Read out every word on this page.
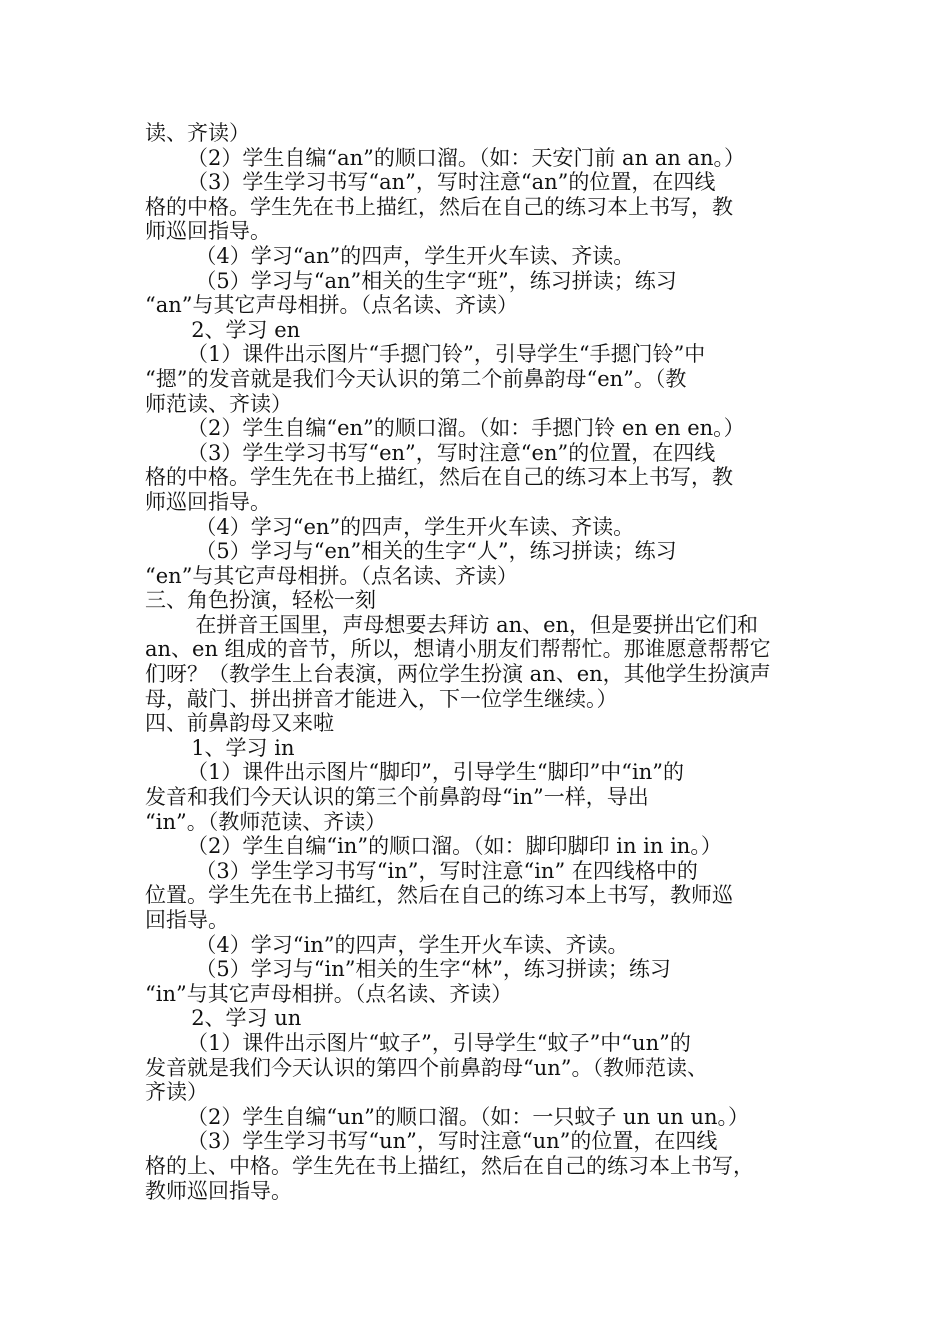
读、齐读）
（2）学生自编“an”的顺口溜。（如：天安门前 an an an。）
（3）学生学习书写“an”，写时注意“an”的位置，在四线
格的中格。学生先在书上描红，然后在自己的练习本上书写，教
师巡回指导。
（4）学习“an”的四声，学生开火车读、齐读。
（5）学习与“an”相关的生字“班”，练习拼读；练习
“an”与其它声母相拼。（点名读、齐读）
2、学习 en
（1）课件出示图片“手摁门铃”，引导学生“手摁门铃”中
“摁”的发音就是我们今天认识的第二个前鼻韵母“en”。（教
师范读、齐读）
（2）学生自编“en”的顺口溜。（如：手摁门铃 en en en。）
（3）学生学习书写“en”，写时注意“en”的位置，在四线
格的中格。学生先在书上描红，然后在自己的练习本上书写，教
师巡回指导。
（4）学习“en”的四声，学生开火车读、齐读。
（5）学习与“en”相关的生字“人”，练习拼读；练习
“en”与其它声母相拼。（点名读、齐读）
三、角色扮演，轻松一刻
在拼音王国里，声母想要去拜访 an、en，但是要拼出它们和
an、en 组成的音节，所以，想请小朋友们帮帮忙。那谁愿意帮帮它
们呀？（教学生上台表演，两位学生扮演 an、en，其他学生扮演声
母，敲门、拼出拼音才能进入，下一位学生继续。）
四、前鼻韵母又来啦
1、学习 in
（1）课件出示图片“脚印”，引导学生“脚印”中“in”的
发音和我们今天认识的第三个前鼻韵母“in”一样，导出
“in”。（教师范读、齐读）
（2）学生自编“in”的顺口溜。（如：脚印脚印 in in in。）
（3）学生学习书写“in”，写时注意“in” 在四线格中的
位置。学生先在书上描红，然后在自己的练习本上书写，教师巡
回指导。
（4）学习“in”的四声，学生开火车读、齐读。
（5）学习与“in”相关的生字“林”，练习拼读；练习
“in”与其它声母相拼。（点名读、齐读）
2、学习 un
（1）课件出示图片“蚊子”，引导学生“蚊子”中“un”的
发音就是我们今天认识的第四个前鼻韵母“un”。（教师范读、
齐读）
（2）学生自编“un”的顺口溜。（如：一只蚊子 un un un。）
（3）学生学习书写“un”，写时注意“un”的位置，在四线
格的上、中格。学生先在书上描红，然后在自己的练习本上书写，
教师巡回指导。
